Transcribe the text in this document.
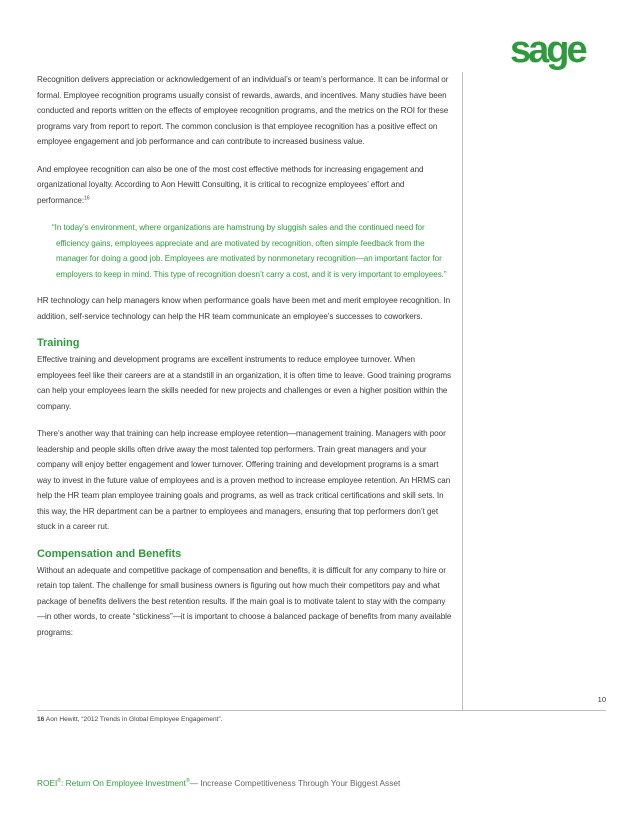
sage

Recognition delivers appreciation or acknowledgement of an individual’s or team’s performance. It can be informal or formal. Employee recognition programs usually consist of rewards, awards, and incentives. Many studies have been conducted and reports written on the effects of employee recognition programs, and the metrics on the ROI for these programs vary from report to report. The common conclusion is that employee recognition has a positive effect on employee engagement and job performance and can contribute to increased business value.

And employee recognition can also be one of the most cost effective methods for increasing engagement and organizational loyalty. According to Aon Hewitt Consulting, it is critical to recognize employees’ effort and performance:$^{16}$

“In today’s environment, where organizations are hamstrung by sluggish sales and the continued need for efficiency gains, employees appreciate and are motivated by recognition, often simple feedback from the manager for doing a good job. Employees are motivated by nonmonetary recognition—an important factor for employers to keep in mind. This type of recognition doesn’t carry a cost, and it is very important to employees.”

HR technology can help managers know when performance goals have been met and merit employee recognition. In addition, self-service technology can help the HR team communicate an employee’s successes to coworkers.

Training

Effective training and development programs are excellent instruments to reduce employee turnover. When employees feel like their careers are at a standstill in an organization, it is often time to leave. Good training programs can help your employees learn the skills needed for new projects and challenges or even a higher position within the company.

There’s another way that training can help increase employee retention—management training. Managers with poor leadership and people skills often drive away the most talented top performers. Train great managers and your company will enjoy better engagement and lower turnover. Offering training and development programs is a smart way to invest in the future value of employees and is a proven method to increase employee retention. An HRMS can help the HR team plan employee training goals and programs, as well as track critical certifications and skill sets. In this way, the HR department can be a partner to employees and managers, ensuring that top performers don’t get stuck in a career rut.

Compensation and Benefits

Without an adequate and competitive package of compensation and benefits, it is difficult for any company to hire or retain top talent. The challenge for small business owners is figuring out how much their competitors pay and what package of benefits delivers the best retention results. If the main goal is to motivate talent to stay with the company—in other words, to create “stickiness”—it is important to choose a balanced package of benefits from many available programs:

10
16 Aon Hewitt, “2012 Trends in Global Employee Engagement”.
ROEI®: Return On Employee Investment®— Increase Competitiveness Through Your Biggest Asset
